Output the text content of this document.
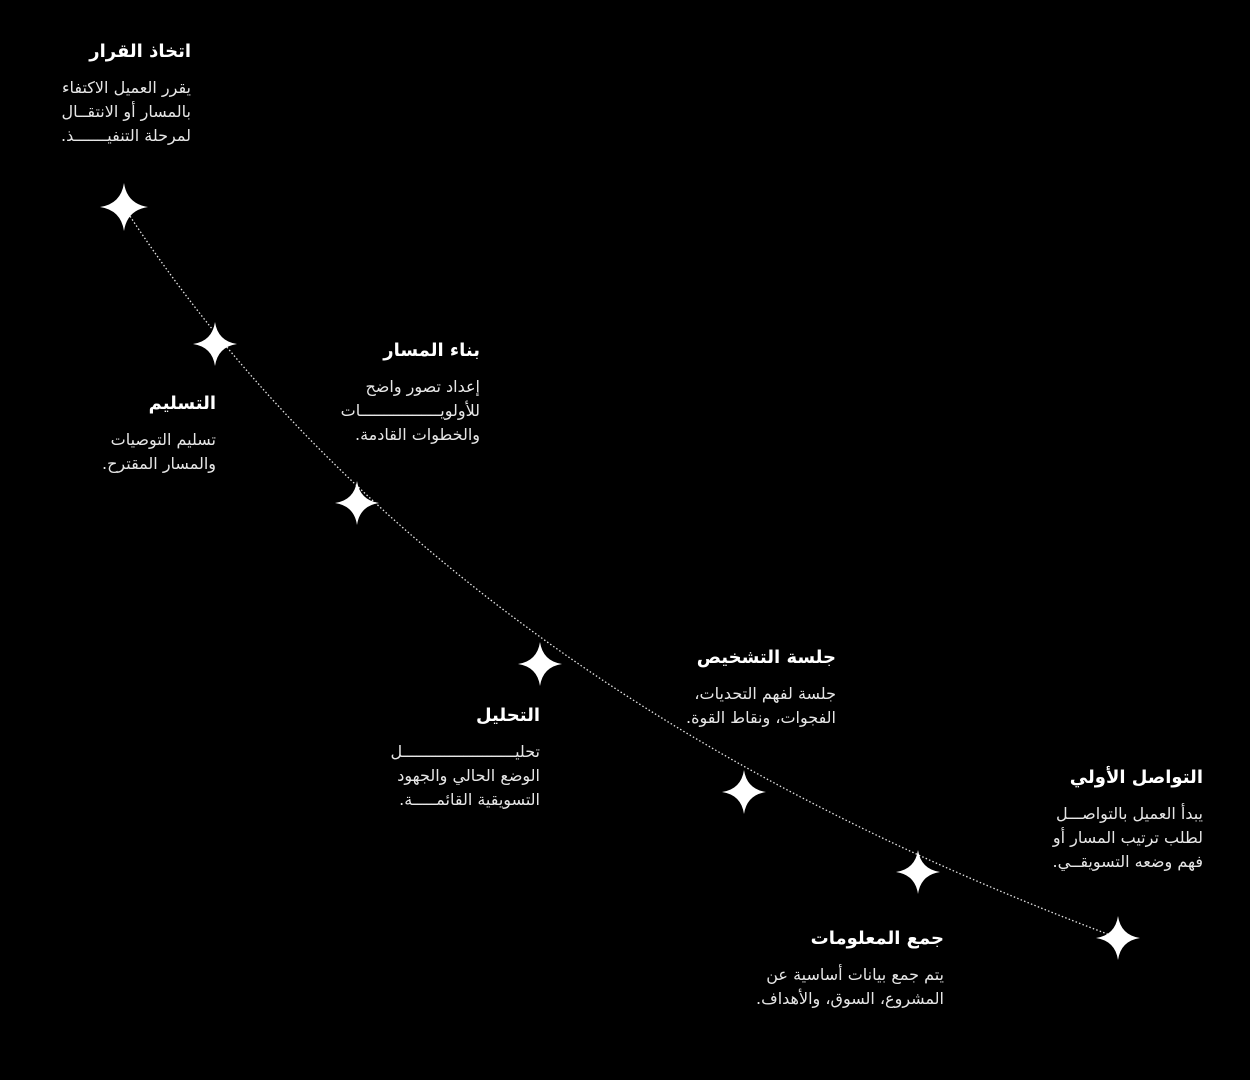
التواصل الأولي
يبدأ العميل بالتواصـــل
لطلب ترتيب المسار أو
فهم وضعه التسويقــي.
جمع المعلومات
يتم جمع بيانات أساسية عن
المشروع، السوق، والأهداف.
جلسة التشخيص
جلسة لفهم التحديات،
الفجوات، ونقاط القوة.
التحليل
تحليــــــــــــــــــــــــل
الوضع الحالي والجهود
التسويقية القائمـــــة.
بناء المسار
إعداد تصور واضح
للأولويـــــــــــــــــات
والخطوات القادمة.
التسليم
تسليم التوصيات
والمسار المقترح.
اتخاذ القرار
يقرر العميل الاكتفاء
بالمسار أو الانتقــال
لمرحلة التنفيـــــــذ.
